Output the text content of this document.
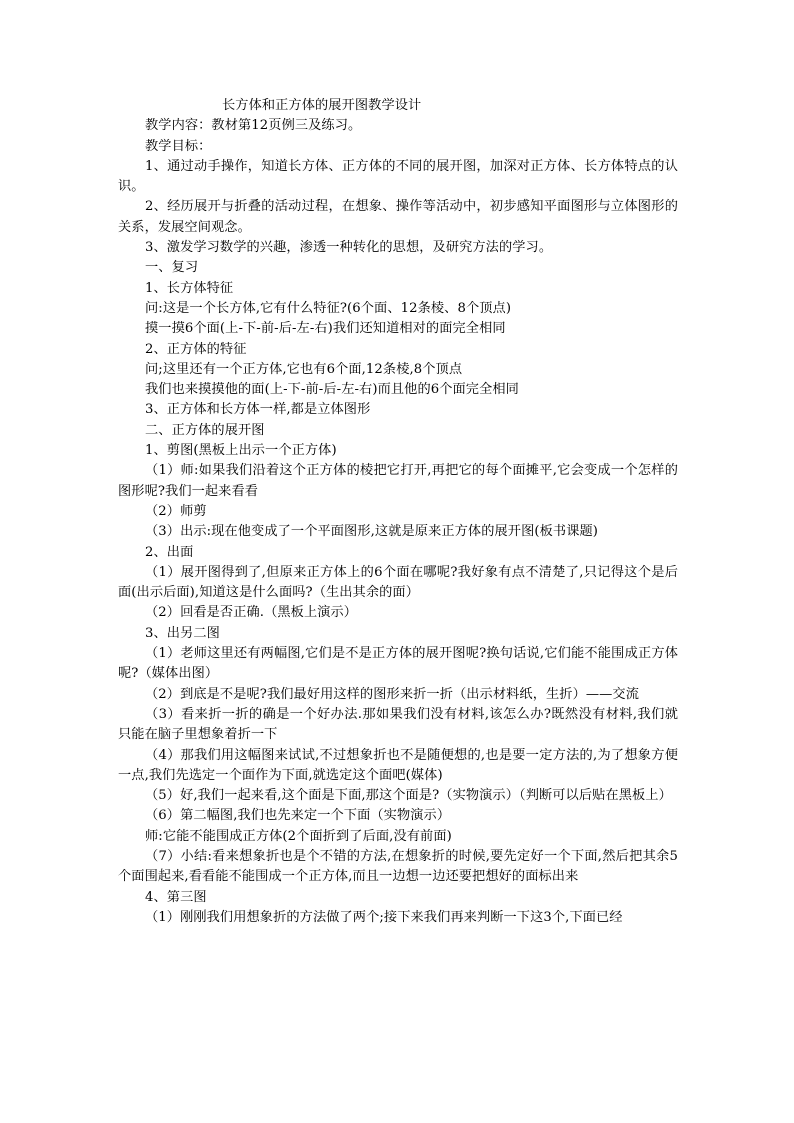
长方体和正方体的展开图教学设计
教学内容：教材第12页例三及练习。
教学目标：
1、通过动手操作，知道长方体、正方体的不同的展开图，加深对正方体、长方体特点的认识。
2、经历展开与折叠的活动过程，在想象、操作等活动中，初步感知平面图形与立体图形的关系，发展空间观念。
3、激发学习数学的兴趣，渗透一种转化的思想，及研究方法的学习。
一、复习
1、长方体特征
问:这是一个长方体,它有什么特征?(6个面、12条棱、8个顶点)
摸一摸6个面(上-下-前-后-左-右)我们还知道相对的面完全相同
2、正方体的特征
问;这里还有一个正方体,它也有6个面,12条棱,8个顶点
我们也来摸摸他的面(上-下-前-后-左-右)而且他的6个面完全相同
3、正方体和长方体一样,都是立体图形
二、正方体的展开图
1、剪图(黑板上出示一个正方体)
（1）师:如果我们沿着这个正方体的棱把它打开,再把它的每个面摊平,它会变成一个怎样的图形呢?我们一起来看看
（2）师剪
（3）出示:现在他变成了一个平面图形,这就是原来正方体的展开图(板书课题)
2、出面
（1）展开图得到了,但原来正方体上的6个面在哪呢?我好象有点不清楚了,只记得这个是后面(出示后面),知道这是什么面吗?（生出其余的面）
（2）回看是否正确.（黑板上演示）
3、出另二图
（1）老师这里还有两幅图,它们是不是正方体的展开图呢?换句话说,它们能不能围成正方体呢?（媒体出图）
（2）到底是不是呢?我们最好用这样的图形来折一折（出示材料纸，生折）——交流
（3）看来折一折的确是一个好办法.那如果我们没有材料,该怎么办?既然没有材料,我们就只能在脑子里想象着折一下
（4）那我们用这幅图来试试,不过想象折也不是随便想的,也是要一定方法的,为了想象方便一点,我们先选定一个面作为下面,就选定这个面吧(媒体)
（5）好,我们一起来看,这个面是下面,那这个面是?（实物演示）（判断可以后贴在黑板上）
（6）第二幅图,我们也先来定一个下面（实物演示）
师:它能不能围成正方体(2个面折到了后面,没有前面)
（7）小结:看来想象折也是个不错的方法,在想象折的时候,要先定好一个下面,然后把其余5个面围起来,看看能不能围成一个正方体,而且一边想一边还要把想好的面标出来
4、第三图
（1）刚刚我们用想象折的方法做了两个;接下来我们再来判断一下这3个,下面已经
